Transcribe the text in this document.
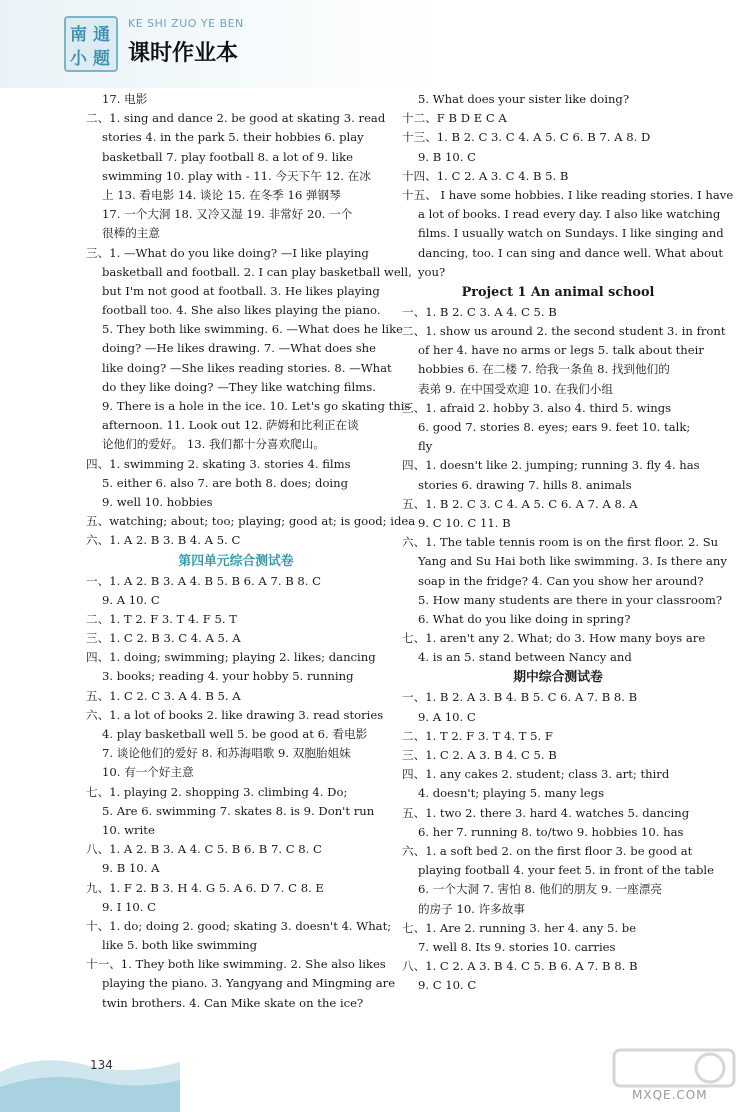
南 通
小 题
KE SHI ZUO YE BEN
课时作业本
17. 电影
二、1. sing and dance 2. be good at skating 3. read
stories 4. in the park 5. their hobbies 6. play
basketball 7. play football 8. a lot of 9. like
swimming 10. play with - 11. 今天下午 12. 在冰
上 13. 看电影 14. 谈论 15. 在冬季 16 弹钢琴
17. 一个大洞 18. 又冷又湿 19. 非常好 20. 一个
很棒的主意
三、1. —What do you like doing? —I like playing
basketball and football. 2. I can play basketball well,
but I'm not good at football. 3. He likes playing
football too. 4. She also likes playing the piano.
5. They both like swimming. 6. —What does he like
doing? —He likes drawing. 7. —What does she
like doing? —She likes reading stories. 8. —What
do they like doing? —They like watching films.
9. There is a hole in the ice. 10. Let's go skating this
afternoon. 11. Look out 12. 萨姆和比利正在谈
论他们的爱好。 13. 我们都十分喜欢爬山。
四、1. swimming 2. skating 3. stories 4. films
5. either 6. also 7. are both 8. does; doing
9. well 10. hobbies
五、watching; about; too; playing; good at; is good; idea
六、1. A 2. B 3. B 4. A 5. C
第四单元综合测试卷
一、1. A 2. B 3. A 4. B 5. B 6. A 7. B 8. C
9. A 10. C
二、1. T 2. F 3. T 4. F 5. T
三、1. C 2. B 3. C 4. A 5. A
四、1. doing; swimming; playing 2. likes; dancing
3. books; reading 4. your hobby 5. running
五、1. C 2. C 3. A 4. B 5. A
六、1. a lot of books 2. like drawing 3. read stories
4. play basketball well 5. be good at 6. 看电影
7. 谈论他们的爱好 8. 和苏海唱歌 9. 双胞胎姐妹
10. 有一个好主意
七、1. playing 2. shopping 3. climbing 4. Do;
5. Are 6. swimming 7. skates 8. is 9. Don't run
10. write
八、1. A 2. B 3. A 4. C 5. B 6. B 7. C 8. C
9. B 10. A
九、1. F 2. B 3. H 4. G 5. A 6. D 7. C 8. E
9. I 10. C
十、1. do; doing 2. good; skating 3. doesn't 4. What;
like 5. both like swimming
十一、1. They both like swimming. 2. She also likes
playing the piano. 3. Yangyang and Mingming are
twin brothers. 4. Can Mike skate on the ice?
5. What does your sister like doing?
十二、F B D E C A
十三、1. B 2. C 3. C 4. A 5. C 6. B 7. A 8. D
9. B 10. C
十四、1. C 2. A 3. C 4. B 5. B
十五、 I have some hobbies. I like reading stories. I have
a lot of books. I read every day. I also like watching
films. I usually watch on Sundays. I like singing and
dancing, too. I can sing and dance well. What about
you?
Project 1 An animal school
一、1. B 2. C 3. A 4. C 5. B
二、1. show us around 2. the second student 3. in front
of her 4. have no arms or legs 5. talk about their
hobbies 6. 在二楼 7. 给我一条鱼 8. 找到他们的
表弟 9. 在中国受欢迎 10. 在我们小组
三、1. afraid 2. hobby 3. also 4. third 5. wings
6. good 7. stories 8. eyes; ears 9. feet 10. talk;
fly
四、1. doesn't like 2. jumping; running 3. fly 4. has
stories 6. drawing 7. hills 8. animals
五、1. B 2. C 3. C 4. A 5. C 6. A 7. A 8. A
9. C 10. C 11. B
六、1. The table tennis room is on the first floor. 2. Su
Yang and Su Hai both like swimming. 3. Is there any
soap in the fridge? 4. Can you show her around?
5. How many students are there in your classroom?
6. What do you like doing in spring?
七、1. aren't any 2. What; do 3. How many boys are
4. is an 5. stand between Nancy and
期中综合测试卷
一、1. B 2. A 3. B 4. B 5. C 6. A 7. B 8. B
9. A 10. C
二、1. T 2. F 3. T 4. T 5. F
三、1. C 2. A 3. B 4. C 5. B
四、1. any cakes 2. student; class 3. art; third
4. doesn't; playing 5. many legs
五、1. two 2. there 3. hard 4. watches 5. dancing
6. her 7. running 8. to/two 9. hobbies 10. has
六、1. a soft bed 2. on the first floor 3. be good at
playing football 4. your feet 5. in front of the table
6. 一个大洞 7. 害怕 8. 他们的朋友 9. 一座漂亮
的房子 10. 许多故事
七、1. Are 2. running 3. her 4. any 5. be
7. well 8. Its 9. stories 10. carries
八、1. C 2. A 3. B 4. C 5. B 6. A 7. B 8. B
9. C 10. C
134
MXQE.COM
